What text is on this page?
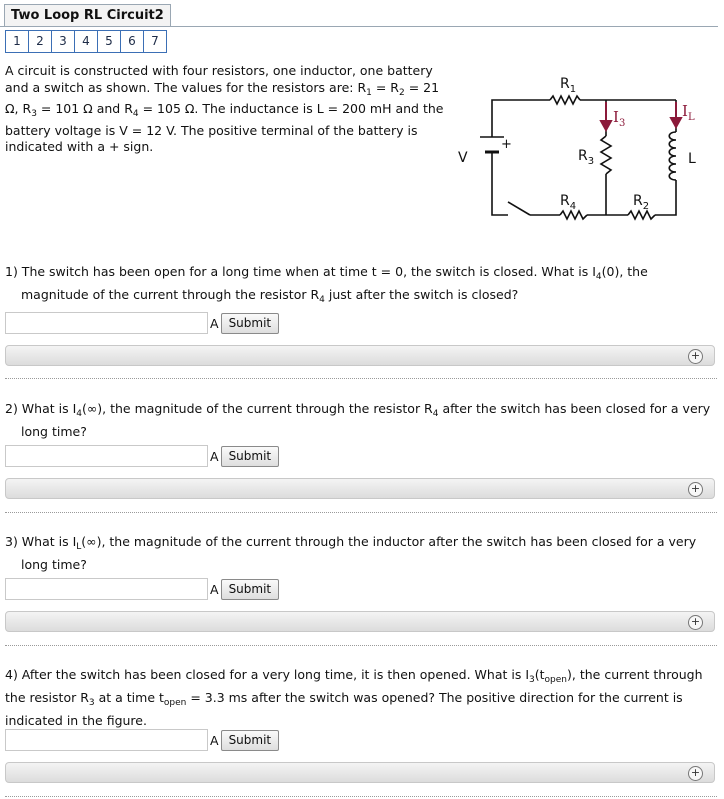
Two Loop RL Circuit2
1	2	3	4	5	6	7
A circuit is constructed with four resistors, one inductor, one battery and a switch as shown. The values for the resistors are: $R_1 = R_2 = 21$ Ω, $R_3 = 101$ Ω and $R_4 = 105$ Ω. The inductance is L = 200 mH and the battery voltage is V = 12 V. The positive terminal of the battery is indicated with a + sign.
$R_1$
$R_3$
$R_2$
$R_4$
V
+
L
$I_3$
$I_L$
1) The switch has been open for a long time when at time t = 0, the switch is closed. What is $I_4(0)$, the magnitude of the current through the resistor $R_4$ just after the switch is closed?
A Submit
+
2) What is $I_4(\infty)$, the magnitude of the current through the resistor $R_4$ after the switch has been closed for a very long time?
A Submit
+
3) What is $I_L(\infty)$, the magnitude of the current through the inductor after the switch has been closed for a very long time?
A Submit
+
4) After the switch has been closed for a very long time, it is then opened. What is $I_3(t_{open})$, the current through the resistor $R_3$ at a time $t_{open} = 3.3$ ms after the switch was opened? The positive direction for the current is indicated in the figure.
A Submit
+
